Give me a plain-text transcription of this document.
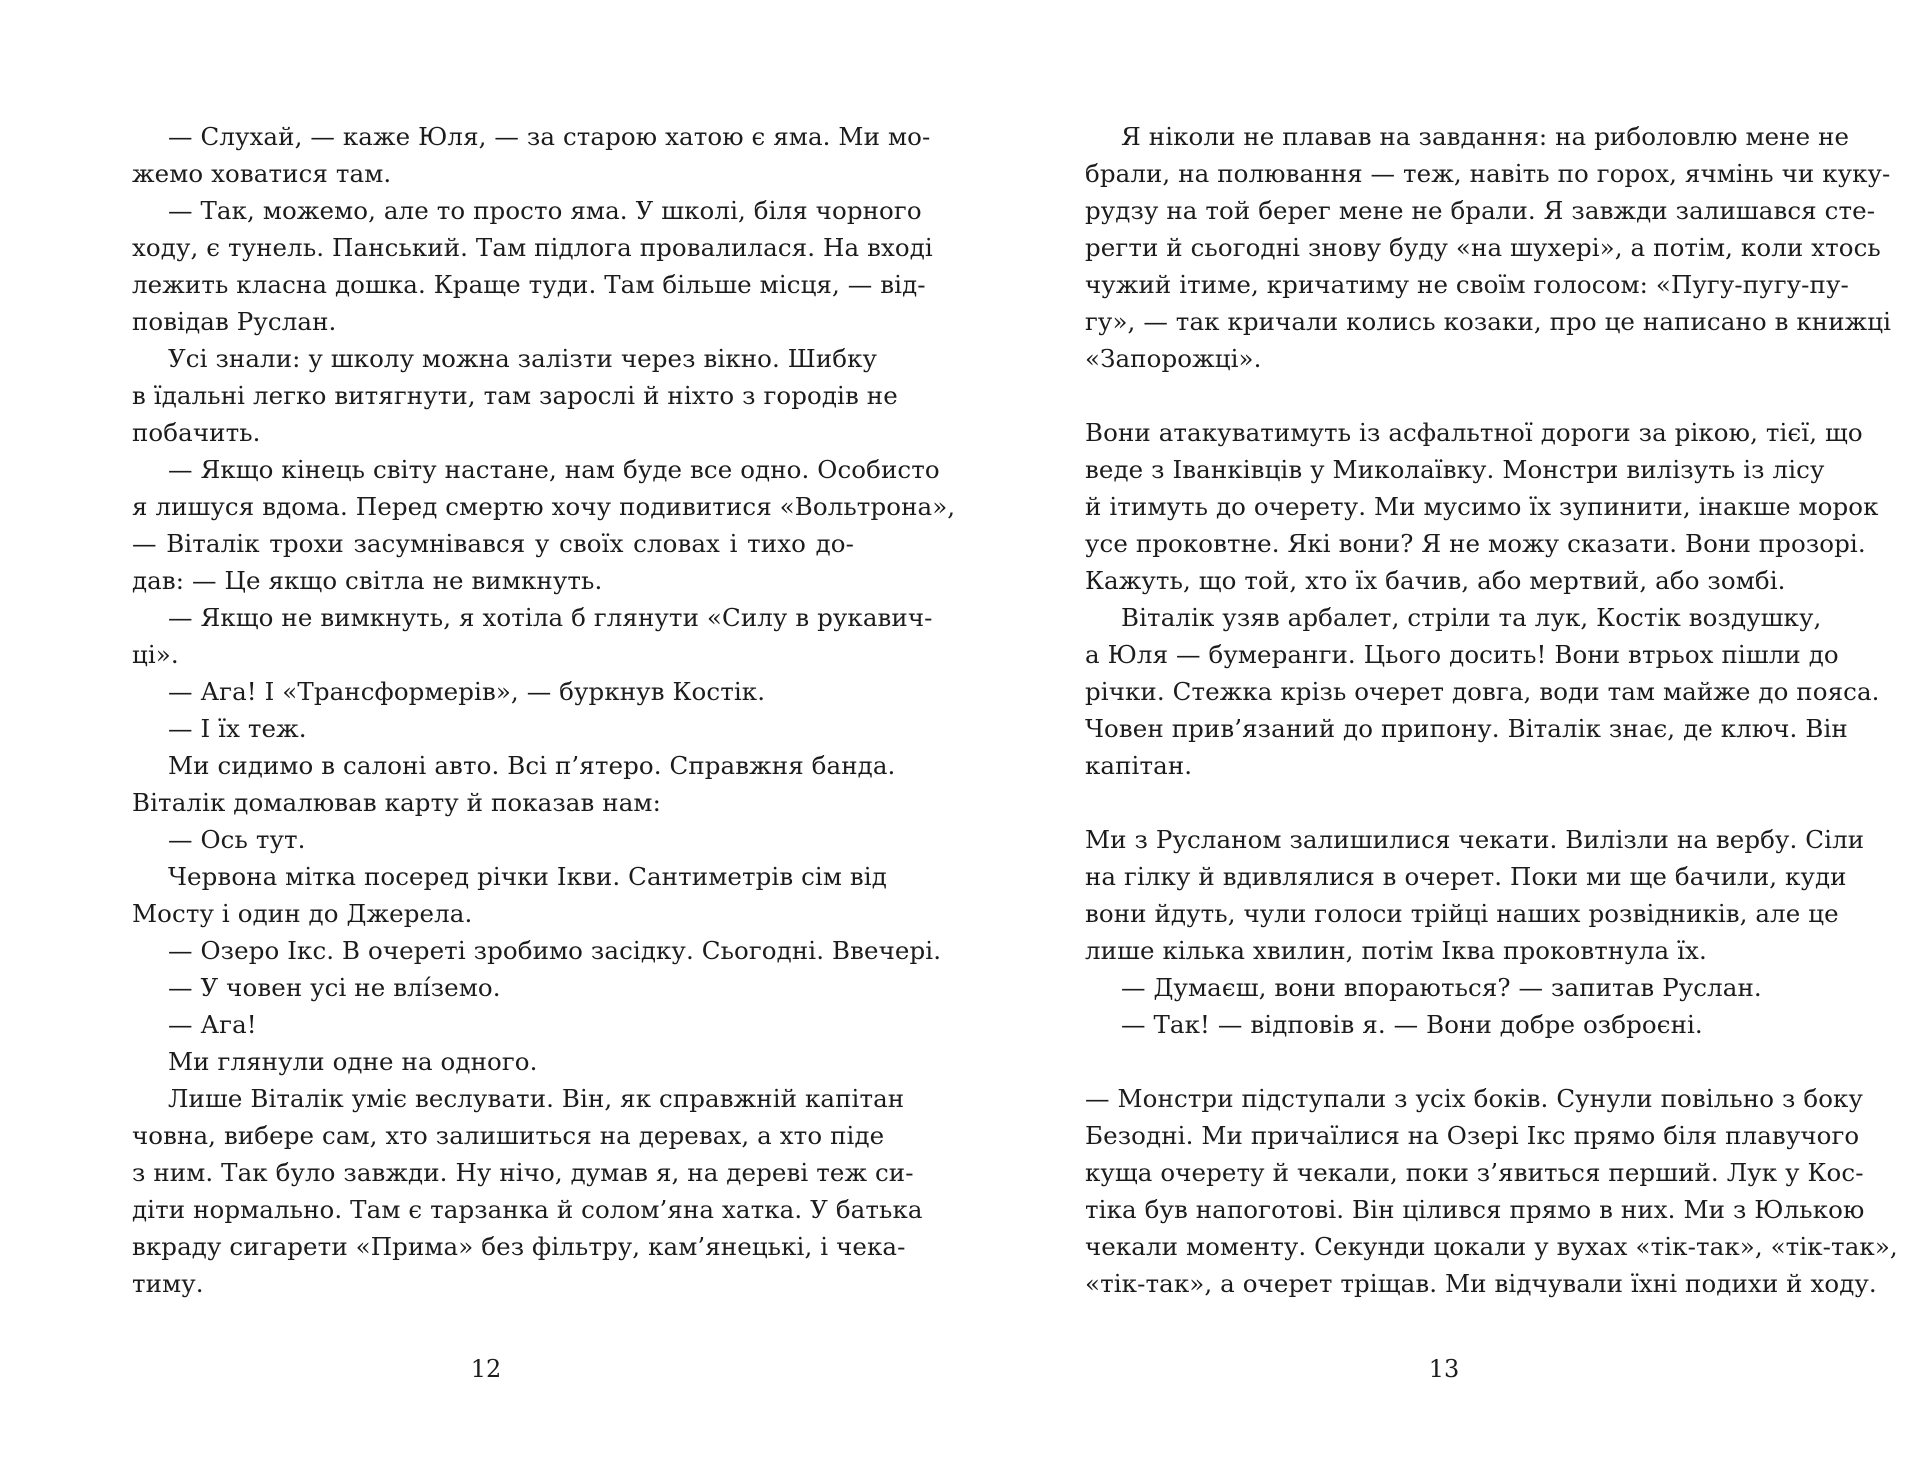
— Слухай, — каже Юля, — за старою хатою є яма. Ми мо-
жемо ховатися там.
— Так, можемо, але то просто яма. У школі, біля чорного
ходу, є тунель. Панський. Там підлога провалилася. На вході
лежить класна дошка. Краще туди. Там більше місця, — від-
повідав Руслан.
Усі знали: у школу можна залізти через вікно. Шибку
в їдальні легко витягнути, там зарослі й ніхто з городів не
побачить.
— Якщо кінець світу настане, нам буде все одно. Особисто
я лишуся вдома. Перед смертю хочу подивитися «Вольтрона»,
— Віталік трохи засумнівався у своїх словах і тихо до-
дав: — Це якщо світла не вимкнуть.
— Якщо не вимкнуть, я хотіла б глянути «Силу в рукавич-
ці».
— Ага! І «Трансформерів», — буркнув Костік.
— І їх теж.
Ми сидимо в салоні авто. Всі п’ятеро. Справжня банда.
Віталік домалював карту й показав нам:
— Ось тут.
Червона мітка посеред річки Ікви. Сантиметрів сім від
Мосту і один до Джерела.
— Озеро Ікс. В очереті зробимо засідку. Сьогодні. Ввечері.
— У човен усі не влíземо.
— Ага!
Ми глянули одне на одного.
Лише Віталік уміє веслувати. Він, як справжній капітан
човна, вибере сам, хто залишиться на деревах, а хто піде
з ним. Так було завжди. Ну нічо, думав я, на дереві теж си-
діти нормально. Там є тарзанка й солом’яна хатка. У батька
вкраду сигарети «Прима» без фільтру, кам’янецькі, і чека-
тиму.
Я ніколи не плавав на завдання: на риболовлю мене не
брали, на полювання — теж, навіть по горох, ячмінь чи куку-
рудзу на той берег мене не брали. Я завжди залишався сте-
регти й сьогодні знову буду «на шухері», а потім, коли хтось
чужий ітиме, кричатиму не своїм голосом: «Пугу-пугу-пу-
гу», — так кричали колись козаки, про це написано в книжці
«Запорожці».
Вони атакуватимуть із асфальтної дороги за рікою, тієї, що
веде з Іванківців у Миколаївку. Монстри вилізуть із лісу
й ітимуть до очерету. Ми мусимо їх зупинити, інакше морок
усе проковтне. Які вони? Я не можу сказати. Вони прозорі.
Кажуть, що той, хто їх бачив, або мертвий, або зомбі.
Віталік узяв арбалет, стріли та лук, Костік воздушку,
а Юля — бумеранги. Цього досить! Вони втрьох пішли до
річки. Стежка крізь очерет довга, води там майже до пояса.
Човен прив’язаний до припону. Віталік знає, де ключ. Він
капітан.
Ми з Русланом залишилися чекати. Вилізли на вербу. Сіли
на гілку й вдивлялися в очерет. Поки ми ще бачили, куди
вони йдуть, чули голоси трійці наших розвідників, але це
лише кілька хвилин, потім Іква проковтнула їх.
— Думаєш, вони впораються? — запитав Руслан.
— Так! — відповів я. — Вони добре озброєні.
— Монстри підступали з усіх боків. Сунули повільно з боку
Безодні. Ми причаїлися на Озері Ікс прямо біля плавучого
куща очерету й чекали, поки з’явиться перший. Лук у Кос-
тіка був напоготові. Він цілився прямо в них. Ми з Юлькою
чекали моменту. Секунди цокали у вухах «тік-так», «тік-так»,
«тік-так», а очерет тріщав. Ми відчували їхні подихи й ходу.
12	13
